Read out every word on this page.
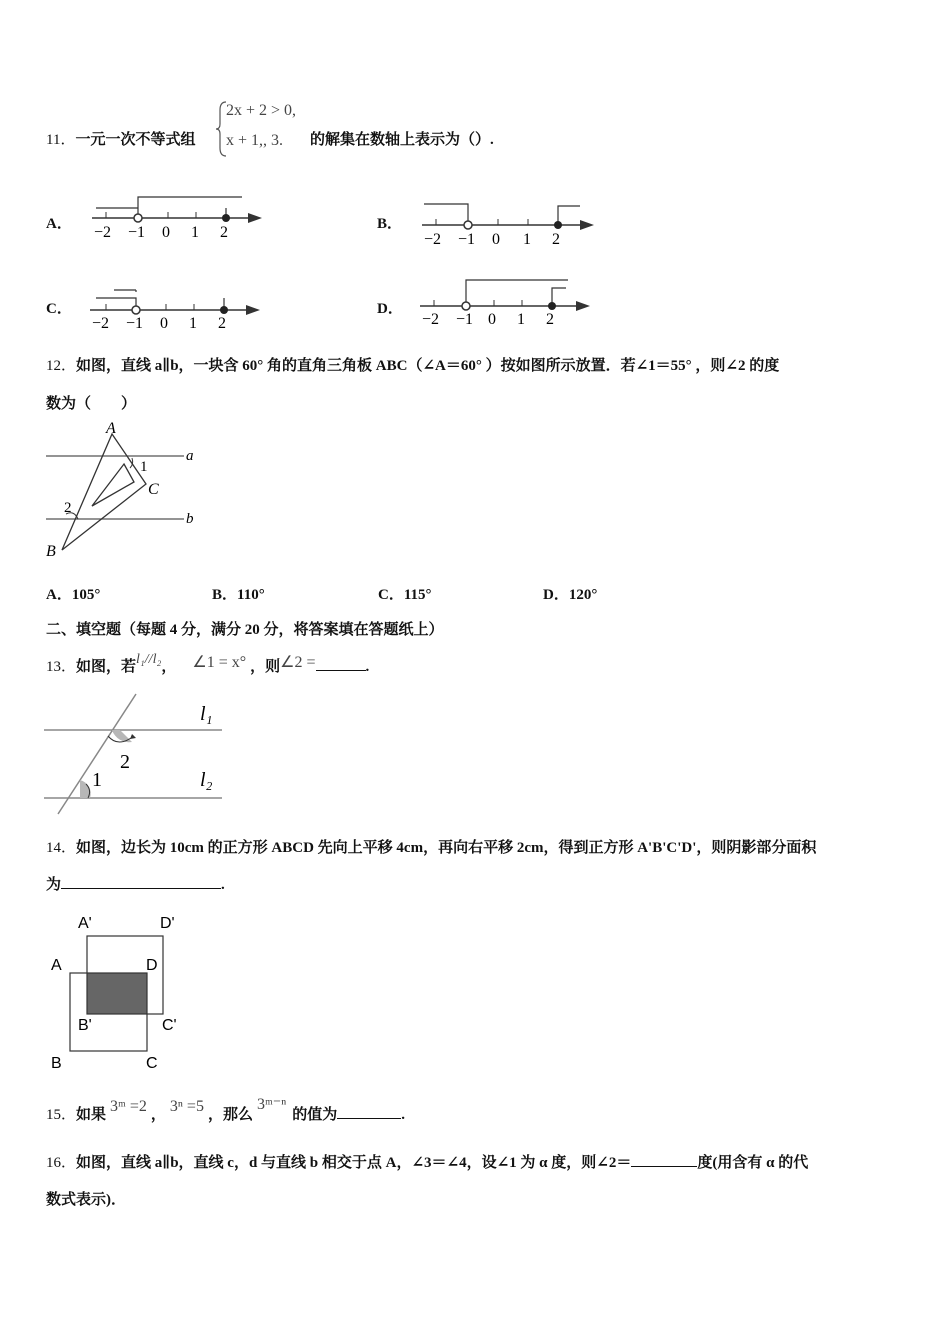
11．一元一次不等式组
2x + 2 > 0,
x + 1,, 3. 的解集在数轴上表示为（）.
A． −2 −1 0 1 2	B．
−2 −1 0 1 2
C．
−2 −1 0 1 2
D．
−2 −1 0 1 2
12．如图，直线 a∥b，一块含 60° 角的直角三角板 ABC（∠A＝60° ）按如图所示放置．若∠1＝55° ，则∠2 的度
数为（　　）
A
1
C
2
B
a
b
A．105°	B．110°	C．115°	D．120°
二、填空题（每题 4 分，满分 20 分，将答案填在答题纸上）
13．如图，若l₁//l₂， ∠1 = x° ，则∠2 =	.
l₁
l₂
2
1
14．如图，边长为 10cm 的正方形 ABCD 先向上平移 4cm，再向右平移 2cm，得到正方形 A'B'C'D'，则阴影部分面积
为	.
A'	D'
A	D
B'	C'
B	C
15．如果 3ᵐ =2 ， 3ⁿ =5 ，那么3ᵐ⁻ⁿ的值为	.
16．如图，直线 a∥b，直线 c，d 与直线 b 相交于点 A，∠3＝∠4，设∠1 为 α 度，则∠2＝	度(用含有 α 的代
数式表示)．
